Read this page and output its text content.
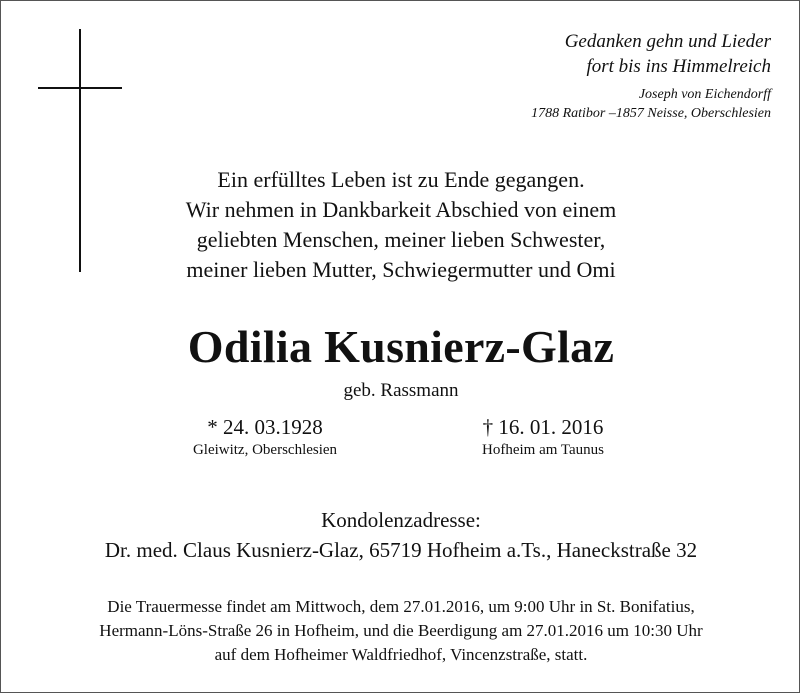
Gedanken gehn und Lieder
fort bis ins Himmelreich
Joseph von Eichendorff
1788 Ratibor –1857 Neisse, Oberschlesien
Ein erfülltes Leben ist zu Ende gegangen.
Wir nehmen in Dankbarkeit Abschied von einem
geliebten Menschen, meiner lieben Schwester,
meiner lieben Mutter, Schwiegermutter und Omi
Odilia Kusnierz-Glaz
geb. Rassmann
* 24. 03.1928
Gleiwitz, Oberschlesien
† 16. 01. 2016
Hofheim am Taunus
Kondolenzadresse:
Dr. med. Claus Kusnierz-Glaz, 65719 Hofheim a.Ts., Haneckstraße 32
Die Trauermesse findet am Mittwoch, dem 27.01.2016, um 9:00 Uhr in St. Bonifatius,
Hermann-Löns-Straße 26 in Hofheim, und die Beerdigung am 27.01.2016 um 10:30 Uhr
auf dem Hofheimer Waldfriedhof, Vincenzstraße, statt.
